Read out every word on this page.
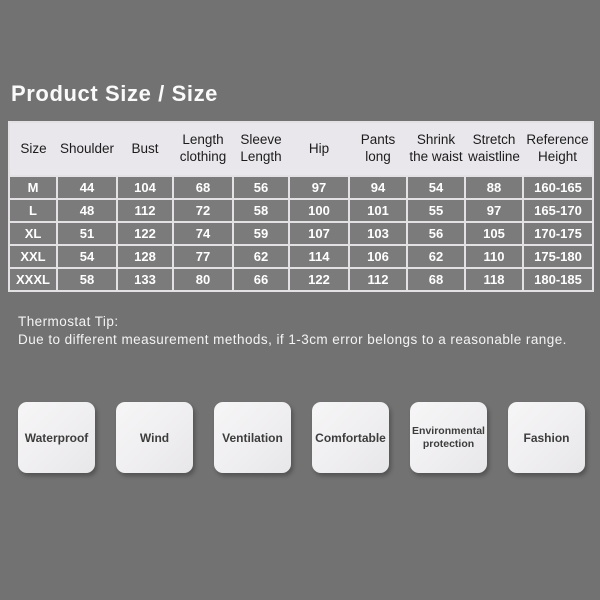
Product Size / Size
Size	Shoulder	Bust	Length clothing	Sleeve Length	Hip	Pants long	Shrink the waist	Stretch waistline	Reference Height
M	44	104	68	56	97	94	54	88	160-165
L	48	112	72	58	100	101	55	97	165-170
XL	51	122	74	59	107	103	56	105	170-175
XXL	54	128	77	62	114	106	62	110	175-180
XXXL	58	133	80	66	122	112	68	118	180-185
Thermostat Tip:
Due to different measurement methods, if 1-3cm error belongs to a reasonable range.
Waterproof	Wind	Ventilation	Comfortable	Environmental protection	Fashion
